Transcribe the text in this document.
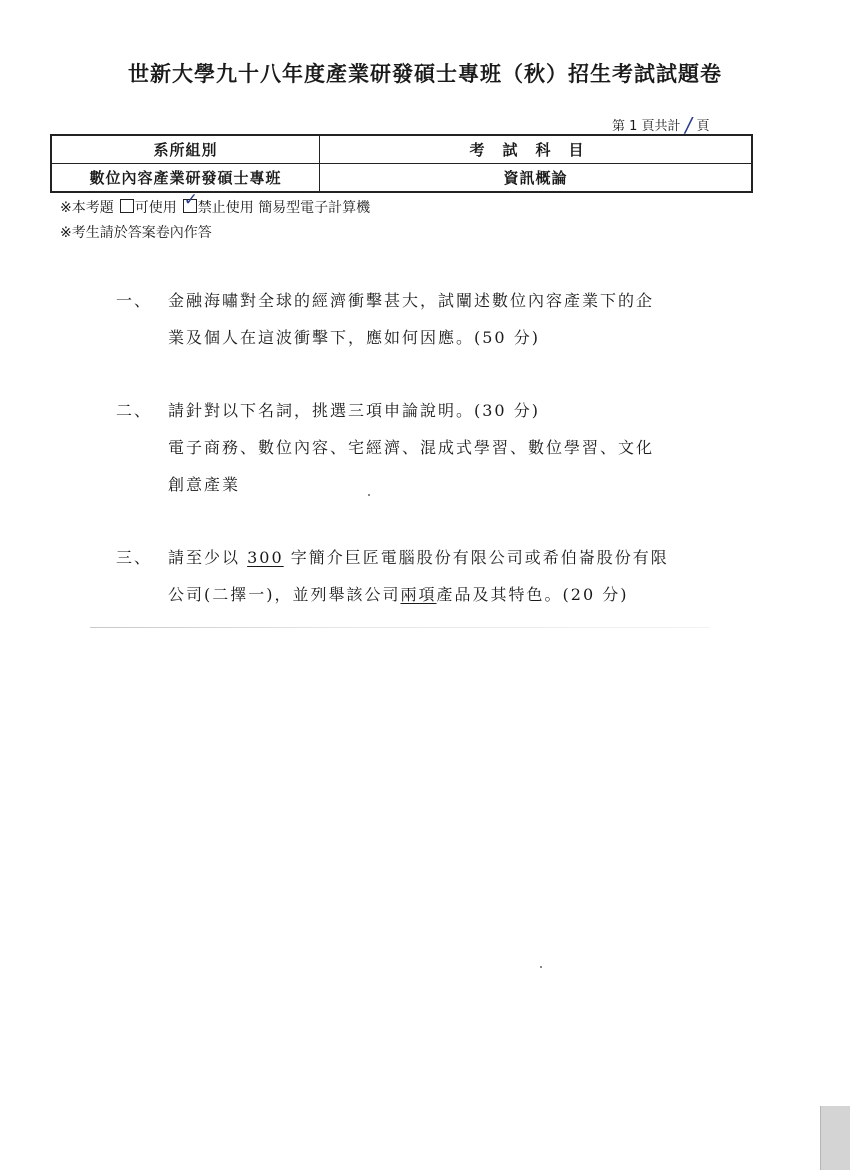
世新大學九十八年度產業研發碩士專班（秋）招生考試試題卷
第 1 頁共計 / 頁
系所組別	考試科目
數位內容產業研發碩士專班	資訊概論
※本考題 可使用 ✓ 禁止使用 簡易型電子計算機
※考生請於答案卷內作答
一、 金融海嘯對全球的經濟衝擊甚大，試闡述數位內容產業下的企
業及個人在這波衝擊下，應如何因應。(50 分)
二、 請針對以下名詞，挑選三項申論說明。(30 分)
電子商務、數位內容、宅經濟、混成式學習、數位學習、文化
創意產業
三、 請至少以 300 字簡介巨匠電腦股份有限公司或希伯崙股份有限
公司(二擇一)，並列舉該公司兩項產品及其特色。(20 分)
